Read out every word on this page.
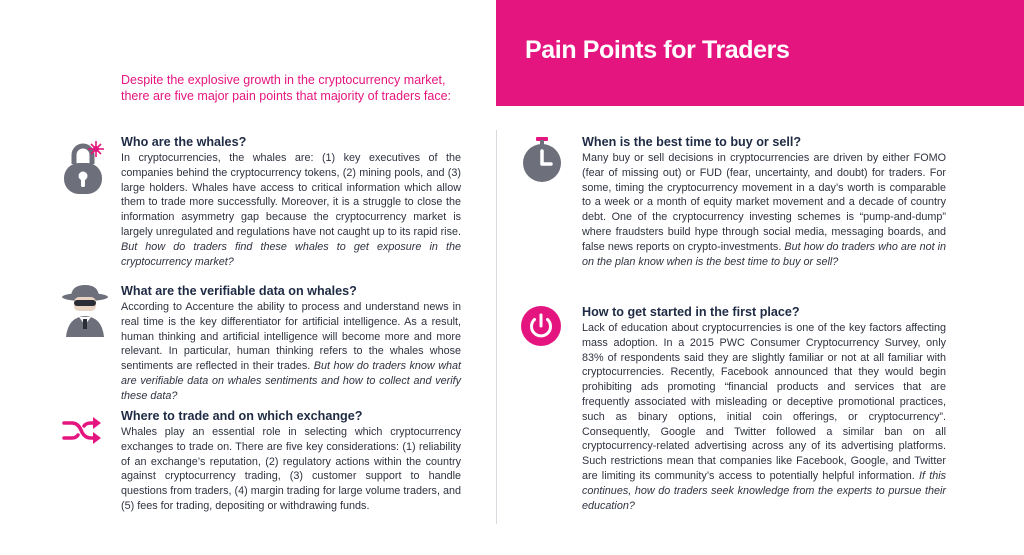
Pain Points for Traders
Despite the explosive growth in the cryptocurrency market, there are five major pain points that majority of traders face:
Who are the whales?

In cryptocurrencies, the whales are: (1) key executives of the companies behind the cryptocurrency tokens, (2) mining pools, and (3) large holders. Whales have access to critical information which allow them to trade more successfully. Moreover, it is a struggle to close the information asymmetry gap because the cryptocurrency market is largely unregulated and regulations have not caught up to its rapid rise. But how do traders find these whales to get exposure in the cryptocurrency market?

What are the verifiable data on whales?

According to Accenture the ability to process and understand news in real time is the key differentiator for artificial intelligence. As a result, human thinking and artificial intelligence will become more and more relevant. In particular, human thinking refers to the whales whose sentiments are reflected in their trades. But how do traders know what are verifiable data on whales sentiments and how to collect and verify these data?

Where to trade and on which exchange?

Whales play an essential role in selecting which cryptocurrency exchanges to trade on. There are five key considerations: (1) reliability of an exchange’s reputation, (2) regulatory actions within the country against cryptocurrency trading, (3) customer support to handle questions from traders, (4) margin trading for large volume traders, and (5) fees for trading, depositing or withdrawing funds.

When is the best time to buy or sell?

Many buy or sell decisions in cryptocurrencies are driven by either FOMO (fear of missing out) or FUD (fear, uncertainty, and doubt) for traders. For some, timing the cryptocurrency movement in a day’s worth is comparable to a week or a month of equity market movement and a decade of country debt. One of the cryptocurrency investing schemes is “pump-and-dump” where fraudsters build hype through social media, messaging boards, and false news reports on crypto-investments. But how do traders who are not in on the plan know when is the best time to buy or sell?

How to get started in the first place?

Lack of education about cryptocurrencies is one of the key factors affecting mass adoption. In a 2015 PWC Consumer Cryptocurrency Survey, only 83% of respondents said they are slightly familiar or not at all familiar with cryptocurrencies. Recently, Facebook announced that they would begin prohibiting ads promoting “financial products and services that are frequently associated with misleading or deceptive promotional practices, such as binary options, initial coin offerings, or cryptocurrency”. Consequently, Google and Twitter followed a similar ban on all cryptocurrency-related advertising across any of its advertising platforms. Such restrictions mean that companies like Facebook, Google, and Twitter are limiting its community’s access to potentially helpful information. If this continues, how do traders seek knowledge from the experts to pursue their education?
